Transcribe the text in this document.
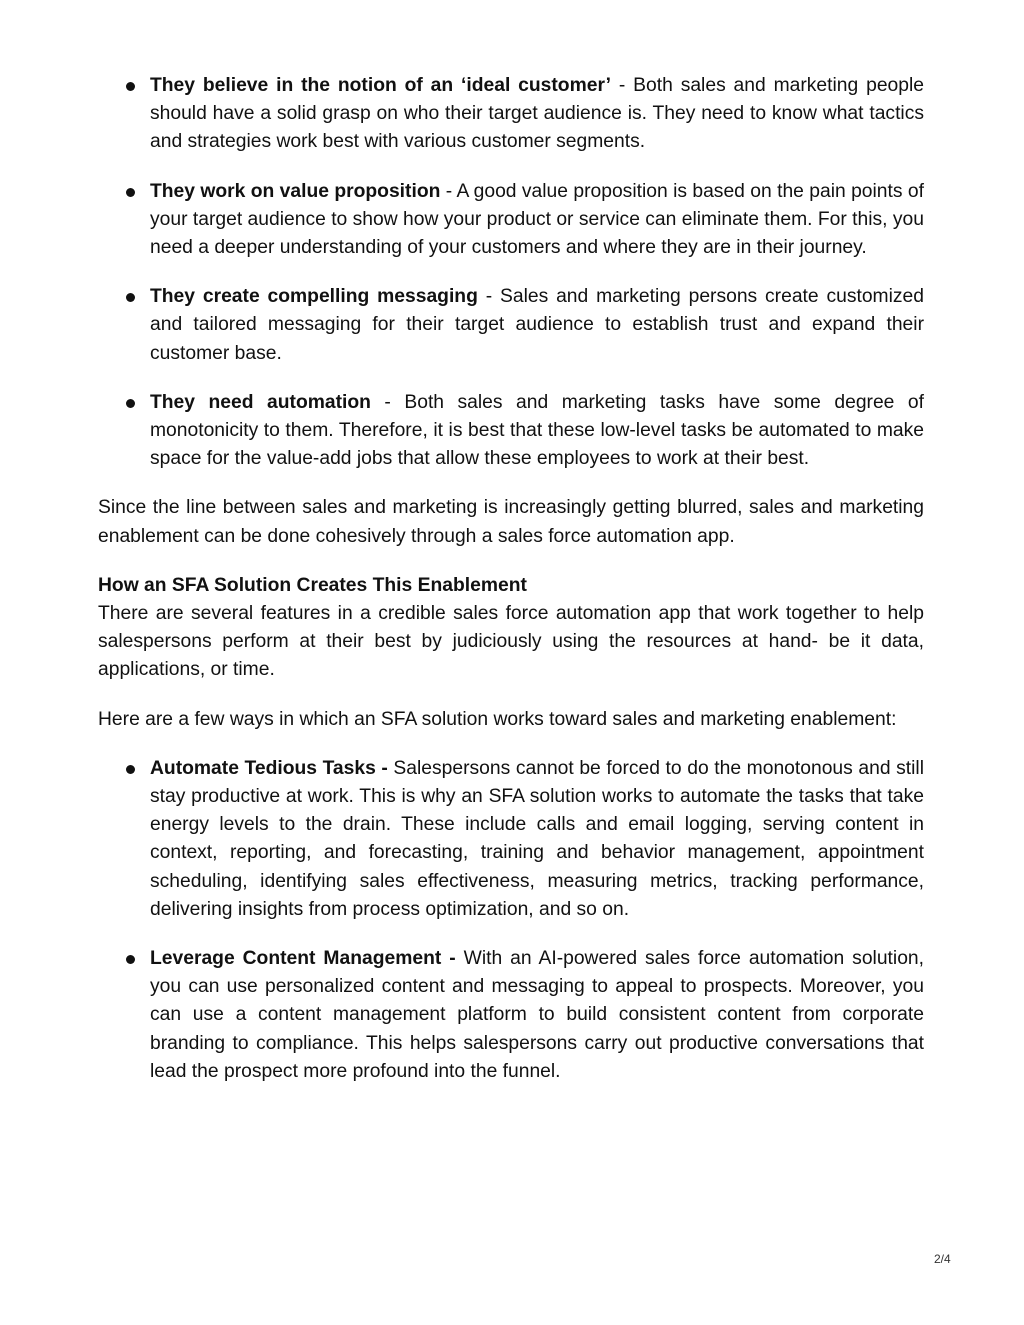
They believe in the notion of an ‘ideal customer’ - Both sales and marketing people should have a solid grasp on who their target audience is. They need to know what tactics and strategies work best with various customer segments.
They work on value proposition - A good value proposition is based on the pain points of your target audience to show how your product or service can eliminate them. For this, you need a deeper understanding of your customers and where they are in their journey.
They create compelling messaging - Sales and marketing persons create customized and tailored messaging for their target audience to establish trust and expand their customer base.
They need automation - Both sales and marketing tasks have some degree of monotonicity to them. Therefore, it is best that these low-level tasks be automated to make space for the value-add jobs that allow these employees to work at their best.

Since the line between sales and marketing is increasingly getting blurred, sales and marketing enablement can be done cohesively through a sales force automation app.

How an SFA Solution Creates This Enablement

There are several features in a credible sales force automation app that work together to help salespersons perform at their best by judiciously using the resources at hand- be it data, applications, or time.

Here are a few ways in which an SFA solution works toward sales and marketing enablement:

Automate Tedious Tasks - Salespersons cannot be forced to do the monotonous and still stay productive at work. This is why an SFA solution works to automate the tasks that take energy levels to the drain. These include calls and email logging, serving content in context, reporting, and forecasting, training and behavior management, appointment scheduling, identifying sales effectiveness, measuring metrics, tracking performance, delivering insights from process optimization, and so on.
Leverage Content Management - With an AI-powered sales force automation solution, you can use personalized content and messaging to appeal to prospects. Moreover, you can use a content management platform to build consistent content from corporate branding to compliance. This helps salespersons carry out productive conversations that lead the prospect more profound into the funnel.
2/4
